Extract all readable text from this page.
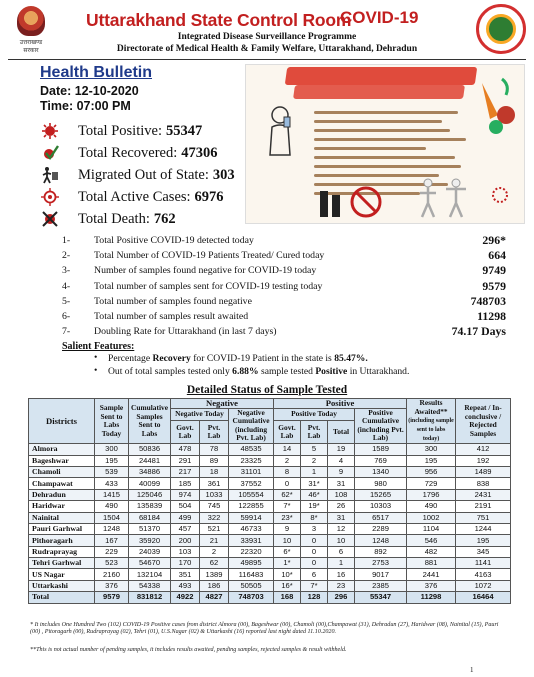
उत्तराखण्ड सरकार
Uttarakhand State Control Room
COVID-19
Integrated Disease Surveillance Programme
Directorate of Medical Health & Family Welfare, Uttarakhand, Dehradun
Health Bulletin
Date: 12-10-2020
Time: 07:00 PM
Total Positive: 55347
Total Recovered: 47306
Migrated Out of State: 303
Total Active Cases: 6976
Total Death: 762
1- Total Positive COVID-19 detected today	296*
2- Total Number of COVID-19 Patients Treated/ Cured today	664
3- Number of samples found negative for COVID-19 today	9749
4- Total number of samples sent for COVID-19 testing today	9579
5- Total number of samples found negative	748703
6- Total number of samples result awaited	11298
7- Doubling Rate for Uttarakhand (in last 7 days)	74.17 Days
Salient Features:
• Percentage Recovery for COVID-19 Patient in the state is 85.47%.
• Out of total samples tested only 6.88% sample tested Positive in Uttarakhand.
Detailed Status of Sample Tested
Districts	Sample Sent to Labs Today	Cumulative Samples Sent to Labs	Negative			Positive				Results Awaited**
(including sample sent to labs today)	Repeat / In-conclusive / Rejected Samples
			Negative Today		Negative Cumulative (including Pvt. Lab)	Positive Today			Positive Cumulative (including Pvt. Lab)		
			Govt. Lab	Pvt. Lab		Govt. Lab	Pvt. Lab	Total			
Almora	300	50836	478	78	48535	14	5	19	1589	300	412
Bageshwar	195	24481	291	89	23325	2	2	4	769	195	192
Chamoli	539	34886	217	18	31101	8	1	9	1340	956	1489
Champawat	433	40099	185	361	37552	0	31*	31	980	729	838
Dehradun	1415	125046	974	1033	105554	62*	46*	108	15265	1796	2431
Haridwar	490	135839	504	745	122855	7*	19*	26	10303	490	2191
Nainital	1504	68184	499	322	59914	23*	8*	31	6517	1002	751
Pauri Garhwal	1248	51370	457	521	46733	9	3	12	2289	1104	1244
Pithoragarh	167	35920	200	21	33931	10	0	10	1248	546	195
Rudraprayag	229	24039	103	2	22320	6*	0	6	892	482	345
Tehri Garhwal	523	54670	170	62	49895	1*	0	1	2753	881	1141
US Nagar	2160	132104	351	1389	116483	10*	6	16	9017	2441	4163
Uttarkashi	376	54338	493	186	50505	16*	7*	23	2385	376	1072
Total	9579	831812	4922	4827	748703	168	128	296	55347	11298	16464
* It includes One Hundred Two (102) COVID-19 Positive cases from district Almora (00), Bageshwar (00), Chamoli (00),Champawat (31), Dehradun (27), Haridwar (08), Nainital (15), Pauri (00) , Pitoragarh (00), Rudraprayag (02), Tehri (01), U.S.Nagar (02) & Uttarkashi (16) reported last night dated 11.10.2020.
**This is not actual number of pending samples, it includes results awaited, pending samples, rejected samples & result withheld.
1
